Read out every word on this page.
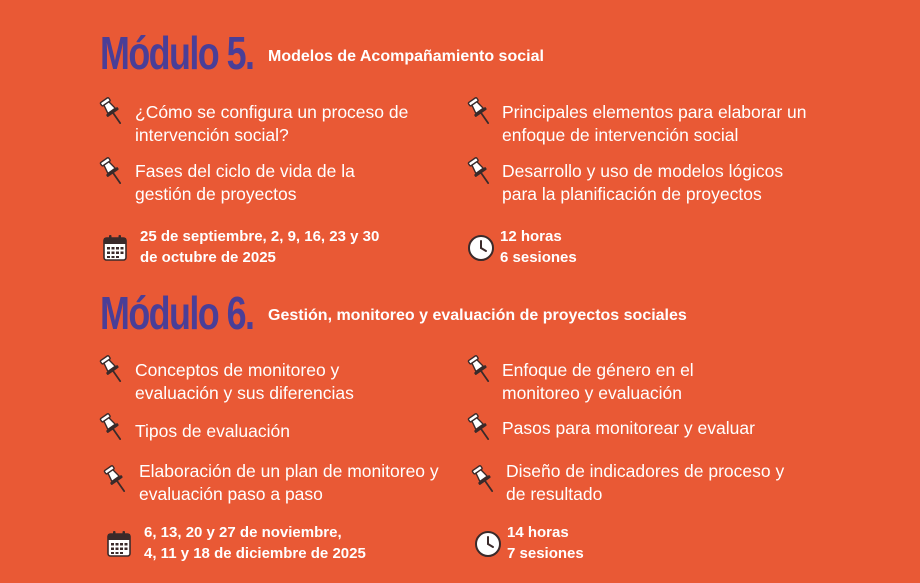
Módulo 5. Modelos de Acompañamiento social
¿Cómo se configura un proceso de intervención social?
Principales elementos para elaborar un enfoque de intervención social
Fases del ciclo de vida de la gestión de proyectos
Desarrollo y uso de modelos lógicos para la planificación de proyectos
25 de septiembre, 2, 9, 16, 23 y 30
de octubre de 2025
12 horas
6 sesiones
Módulo 6. Gestión, monitoreo y evaluación de proyectos sociales
Conceptos de monitoreo y evaluación y sus diferencias
Enfoque de género en el monitoreo y evaluación
Tipos de evaluación	Pasos para monitorear y evaluar
Elaboración de un plan de monitoreo y evaluación paso a paso
Diseño de indicadores de proceso y de resultado
6, 13, 20 y 27 de noviembre,
4, 11 y 18 de diciembre de 2025
14 horas
7 sesiones
